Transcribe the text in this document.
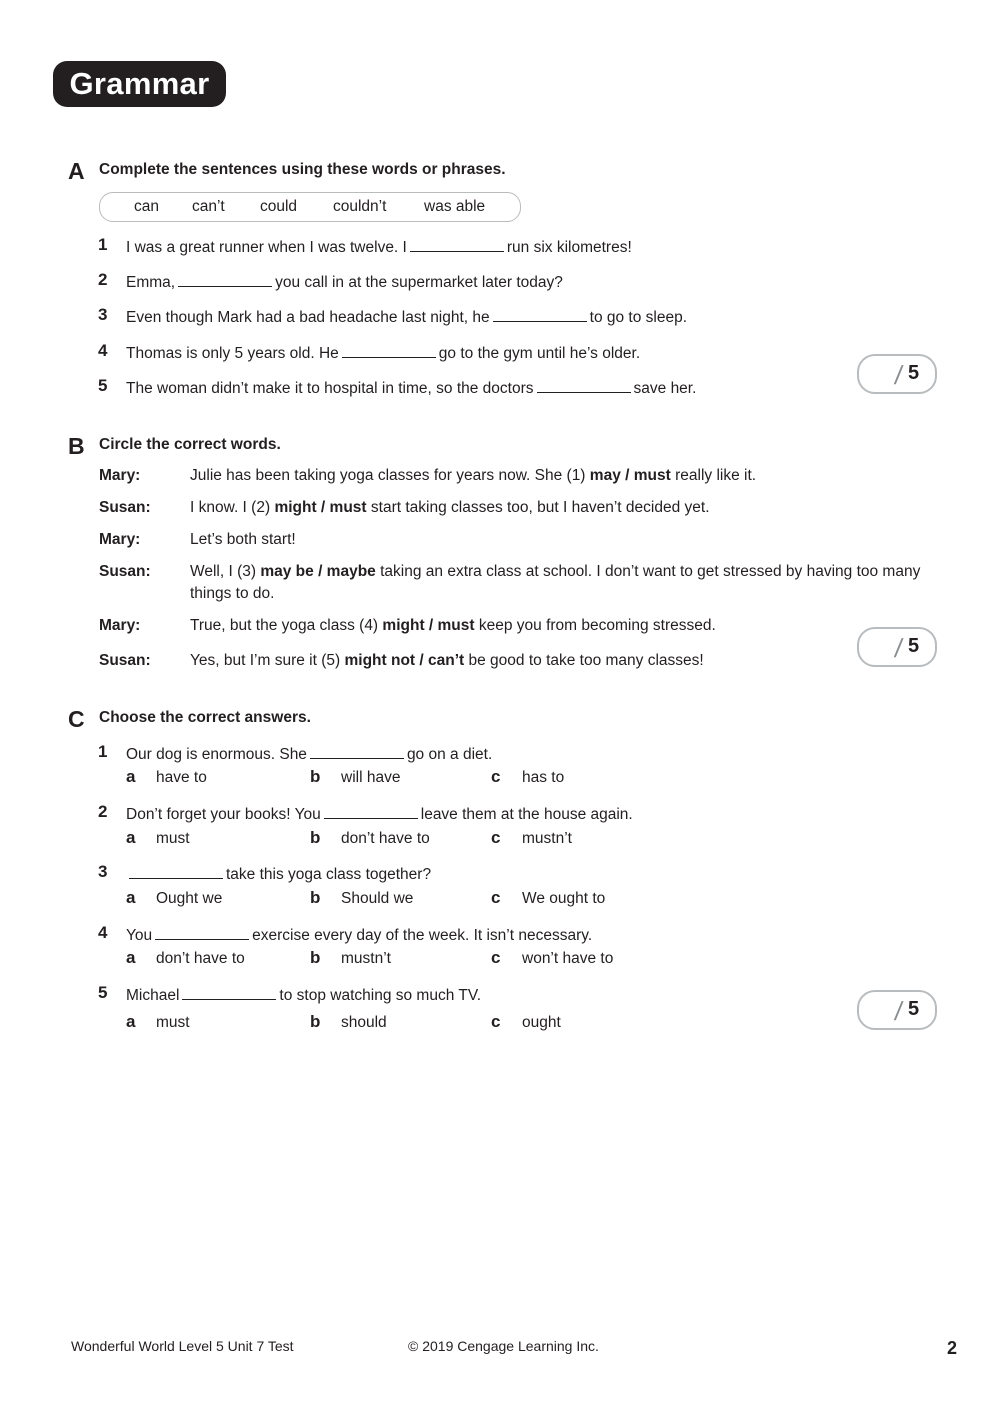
Grammar
A Complete the sentences using these words or phrases.
can can’t could couldn’t was able
1 I was a great runner when I was twelve. I	run six kilometres!
2 Emma,	you call in at the supermarket later today?
3 Even though Mark had a bad headache last night, he	to go to sleep.
4 Thomas is only 5 years old. He	go to the gym until he’s older.
5 The woman didn’t make it to hospital in time, so the doctors	save her.	/ 5
B Circle the correct words.
Mary:	Julie has been taking yoga classes for years now. She (1) may / must really like it.
Susan:	I know. I (2) might / must start taking classes too, but I haven’t decided yet.
Mary:	Let’s both start!
Susan:	Well, I (3) may be / maybe taking an extra class at school. I don’t want to get stressed by having too many things to do.
Mary:	True, but the yoga class (4) might / must keep you from becoming stressed.
Susan:	Yes, but I’m sure it (5) might not / can’t be good to take too many classes!	/ 5
C Choose the correct answers.
1 Our dog is enormous. She	go on a diet.
a have to	b will have	c has to
2 Don’t forget your books! You	leave them at the house again.
a must	b don’t have to	c mustn’t
3	take this yoga class together?
a Ought we	b Should we	c We ought to
4 You	exercise every day of the week. It isn’t necessary.
a don’t have to	b mustn’t	c won’t have to
5 Michael	to stop watching so much TV.
a must	b should	c ought	/ 5
Wonderful World Level 5 Unit 7 Test	© 2019 Cengage Learning Inc.	2
